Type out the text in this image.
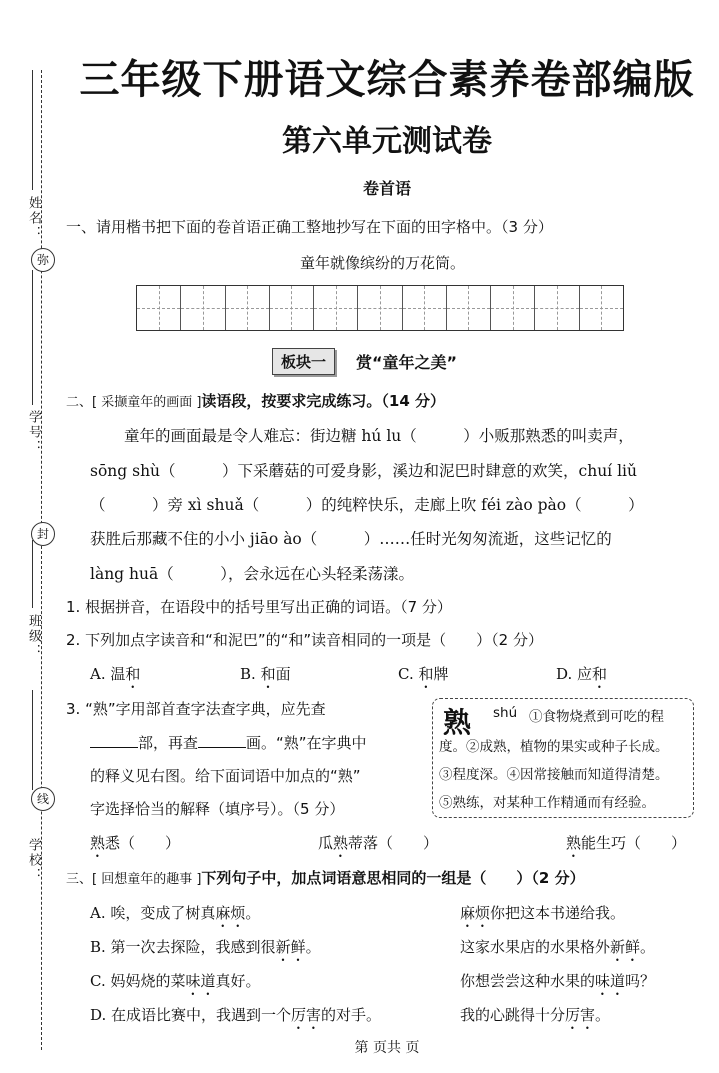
姓名：
学号：
班级：
学校：
弥
封
线
三年级下册语文综合素养卷部编版
第六单元测试卷
卷首语
一、请用楷书把下面的卷首语正确工整地抄写在下面的田字格中。（3 分）
童年就像缤纷的万花筒。
板块一	赏“童年之美”
二、[ 采撷童年的画面 ]读语段，按要求完成练习。（14 分）
童年的画面最是令人难忘：街边糖 hú lu（　　　）小贩那熟悉的叫卖声，
sōng shù（　　　）下采蘑菇的可爱身影，溪边和泥巴时肆意的欢笑，chuí liǔ
（　　　）旁 xì shuǎ（　　　）的纯粹快乐，走廊上吹 féi zào pào（　　　）
获胜后那藏不住的小小 jiāo ào（　　　）……任时光匆匆流逝，这些记忆的
làng huā（　　　），会永远在心头轻柔荡漾。
1. 根据拼音，在语段中的括号里写出正确的词语。（7 分）
2. 下列加点字读音和“和泥巴”的“和”读音相同的一项是（　　）（2 分）
A. 温和	B. 和面	C. 和牌	D. 应和
3. “熟”字用部首查字法查字典，应先查
部，再查	画。“熟”在字典中
的释义见右图。给下面词语中加点的“熟”
字选择恰当的解释（填序号）。（5 分）
熟 shú ①食物烧煮到可吃的程
度。②成熟，植物的果实或种子长成。
③程度深。④因常接触而知道得清楚。
⑤熟练，对某种工作精通而有经验。
熟悉（　　）	瓜熟蒂落（　　）	熟能生巧（　　）
三、[ 回想童年的趣事 ]下列句子中，加点词语意思相同的一组是（　　）（2 分）
A. 唉，变成了树真麻烦。	麻烦你把这本书递给我。
B. 第一次去探险，我感到很新鲜。	这家水果店的水果格外新鲜。
C. 妈妈烧的菜味道真好。	你想尝尝这种水果的味道吗？
D. 在成语比赛中，我遇到一个厉害的对手。	我的心跳得十分厉害。
第 页共 页
